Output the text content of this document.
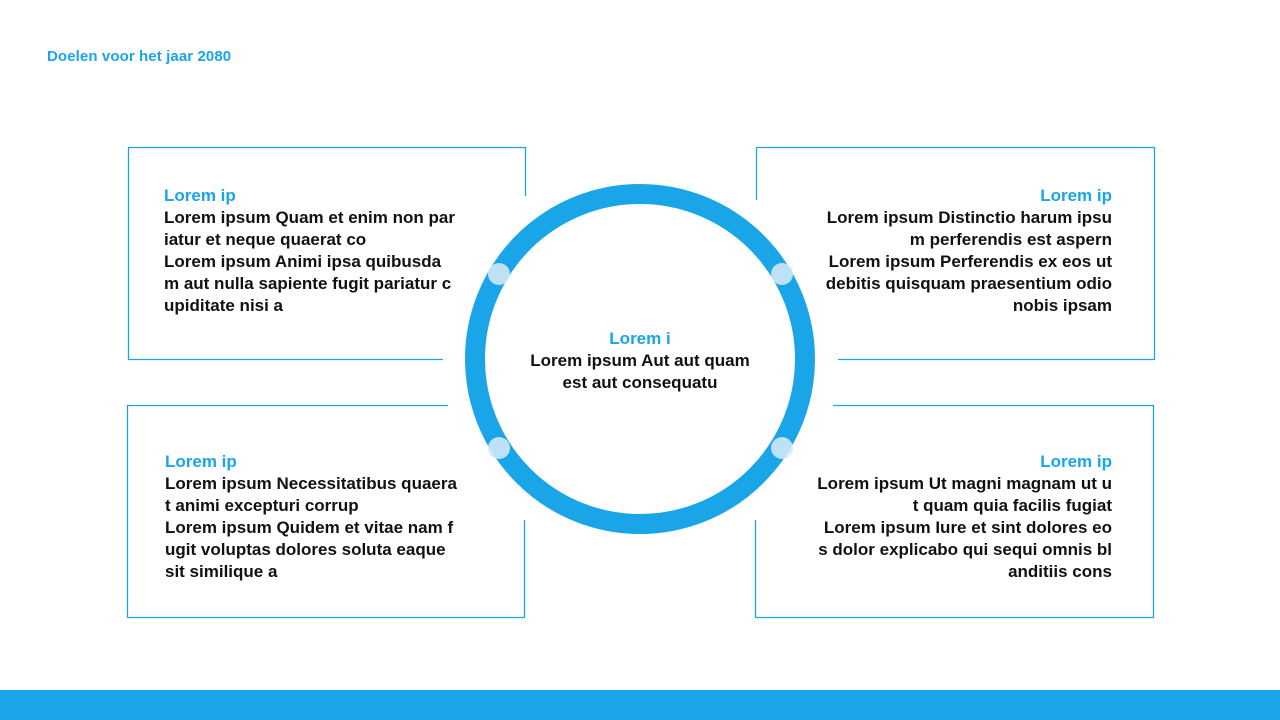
Doelen voor het jaar 2080
Lorem i
Lorem ipsum Aut aut quam est aut consequatu
Lorem ip
Lorem ipsum Quam et enim non pariatur et neque quaerat co
Lorem ipsum Animi ipsa quibusdam aut nulla sapiente fugit pariatur cupiditate nisi a
Lorem ip
Lorem ipsum Distinctio harum ipsum perferendis est aspern
Lorem ipsum Perferendis ex eos ut debitis quisquam praesentium odio nobis ipsam
Lorem ip
Lorem ipsum Necessitatibus quaerat animi excepturi corrup
Lorem ipsum Quidem et vitae nam fugit voluptas dolores soluta eaque sit similique a
Lorem ip
Lorem ipsum Ut magni magnam ut ut quam quia facilis fugiat
Lorem ipsum Iure et sint dolores eos dolor explicabo qui sequi omnis blanditiis cons
